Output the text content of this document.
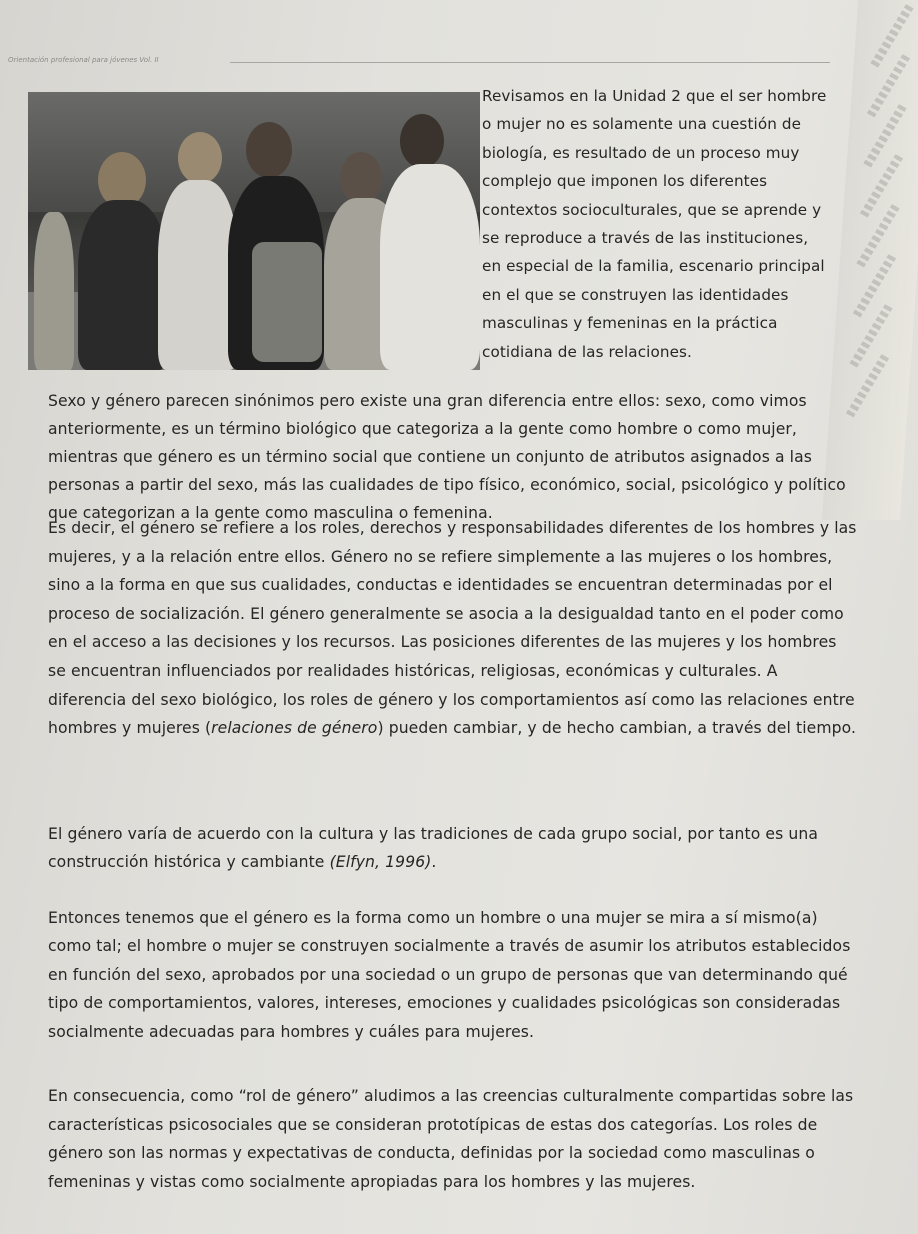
Orientación profesional para jóvenes Vol. II

Revisamos en la Unidad 2 que el ser hombre o mujer no es solamente una cuestión de biología, es resultado de un proceso muy complejo que imponen los diferentes contextos socioculturales, que se aprende y se reproduce a través de las instituciones, en especial de la familia, escenario principal en el que se construyen las identidades masculinas y femeninas en la práctica cotidiana de las relaciones.

Sexo y género parecen sinónimos pero existe una gran diferencia entre ellos: sexo, como vimos anteriormente, es un término biológico que categoriza a la gente como hombre o como mujer, mientras que género es un término social que contiene un conjunto de atributos asignados a las personas a partir del sexo, más las cualidades de tipo físico, económico, social, psicológico y político que categorizan a la gente como masculina o femenina.

Es decir, el género se refiere a los roles, derechos y responsabilidades diferentes de los hombres y las mujeres, y a la relación entre ellos. Género no se refiere simplemente a las mujeres o los hombres, sino a la forma en que sus cualidades, conductas e identidades se encuentran determinadas por el proceso de socialización. El género generalmente se asocia a la desigualdad tanto en el poder como en el acceso a las decisiones y los recursos. Las posiciones diferentes de las mujeres y los hombres se encuentran influenciados por realidades históricas, religiosas, económicas y culturales. A diferencia del sexo biológico, los roles de género y los comportamientos así como las relaciones entre hombres y mujeres (relaciones de género) pueden cambiar, y de hecho cambian, a través del tiempo.

El género varía de acuerdo con la cultura y las tradiciones de cada grupo social, por tanto es una construcción histórica y cambiante (Elfyn, 1996).

Entonces tenemos que el género es la forma como un hombre o una mujer se mira a sí mismo(a) como tal; el hombre o mujer se construyen socialmente a través de asumir los atributos establecidos en función del sexo, aprobados por una sociedad o un grupo de personas que van determinando qué tipo de comportamientos, valores, intereses, emociones y cualidades psicológicas son consideradas socialmente adecuadas para hombres y cuáles para mujeres.

En consecuencia, como “rol de género” aludimos a las creencias culturalmente compartidas sobre las características psicosociales que se consideran prototípicas de estas dos categorías. Los roles de género son las normas y expectativas de conducta, definidas por la sociedad como masculinas o femeninas y vistas como socialmente apropiadas para los hombres y las mujeres.
